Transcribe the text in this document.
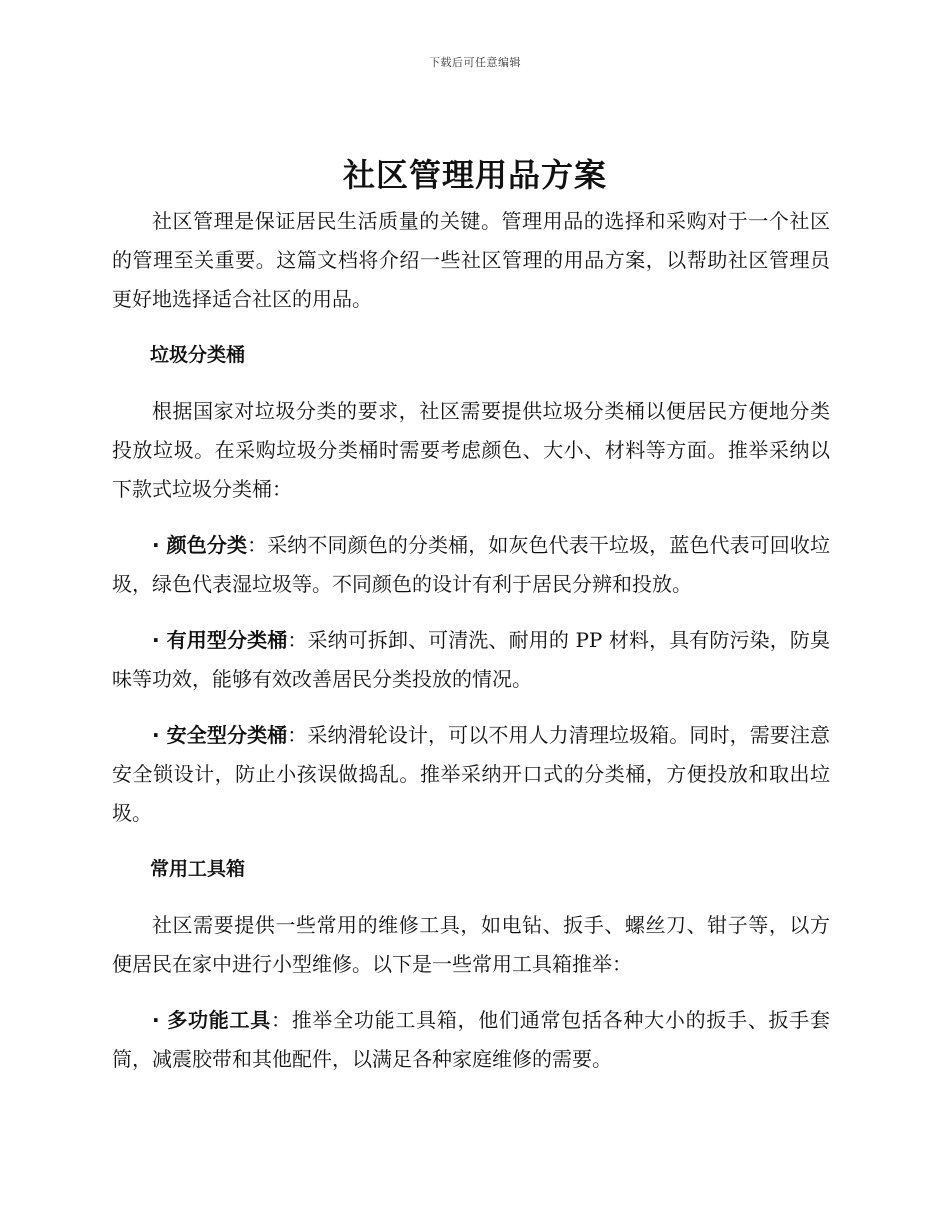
下载后可任意编辑
社区管理用品方案

社区管理是保证居民生活质量的关键。管理用品的选择和采购对于一个社区的管理至关重要。这篇文档将介绍一些社区管理的用品方案，以帮助社区管理员更好地选择适合社区的用品。

垃圾分类桶

根据国家对垃圾分类的要求，社区需要提供垃圾分类桶以便居民方便地分类投放垃圾。在采购垃圾分类桶时需要考虑颜色、大小、材料等方面。推举采纳以下款式垃圾分类桶：

· 颜色分类：采纳不同颜色的分类桶，如灰色代表干垃圾，蓝色代表可回收垃圾，绿色代表湿垃圾等。不同颜色的设计有利于居民分辨和投放。

· 有用型分类桶：采纳可拆卸、可清洗、耐用的 PP 材料，具有防污染，防臭味等功效，能够有效改善居民分类投放的情况。

· 安全型分类桶：采纳滑轮设计，可以不用人力清理垃圾箱。同时，需要注意安全锁设计，防止小孩误做捣乱。推举采纳开口式的分类桶，方便投放和取出垃圾。

常用工具箱

社区需要提供一些常用的维修工具，如电钻、扳手、螺丝刀、钳子等，以方便居民在家中进行小型维修。以下是一些常用工具箱推举：

· 多功能工具：推举全功能工具箱，他们通常包括各种大小的扳手、扳手套筒，减震胶带和其他配件，以满足各种家庭维修的需要。
